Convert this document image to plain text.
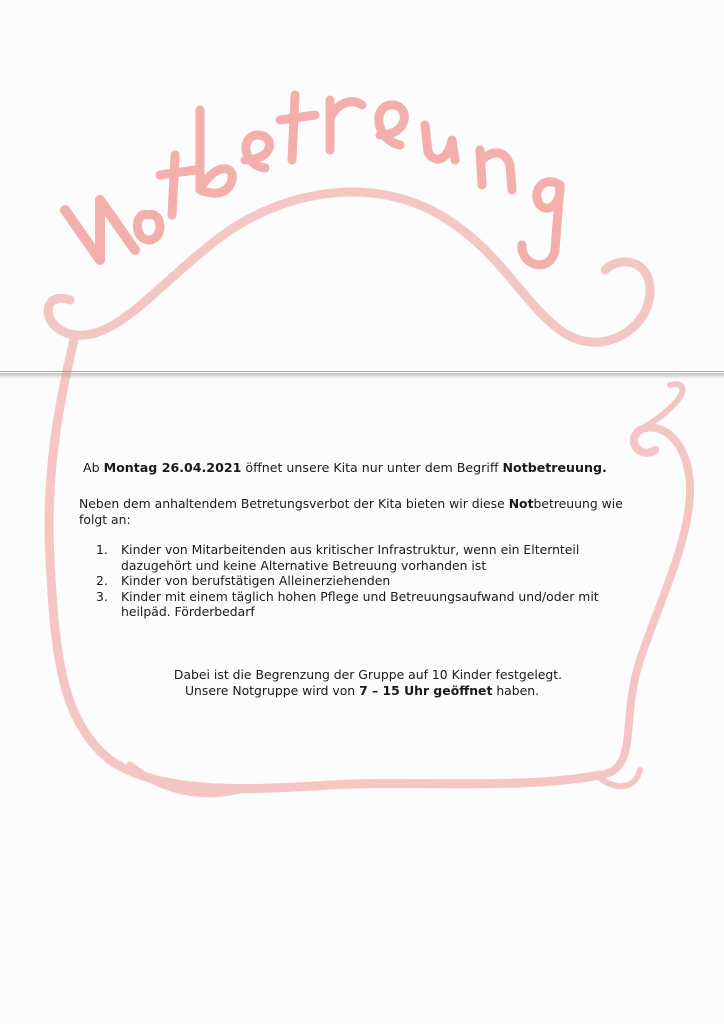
Ab Montag 26.04.2021 öffnet unsere Kita nur unter dem Begriff Notbetreuung.

Neben dem anhaltendem Betretungsverbot der Kita bieten wir diese Notbetreuung wie folgt an:

1.	Kinder von Mitarbeitenden aus kritischer Infrastruktur, wenn ein Elternteil dazugehört und keine Alternative Betreuung vorhanden ist
2.	Kinder von berufstätigen Alleinerziehenden
3.	Kinder mit einem täglich hohen Pflege und Betreuungsaufwand und/oder mit heilpäd. Förderbedarf

Dabei ist die Begrenzung der Gruppe auf 10 Kinder festgelegt.

Unsere Notgruppe wird von 7 – 15 Uhr geöffnet haben.
